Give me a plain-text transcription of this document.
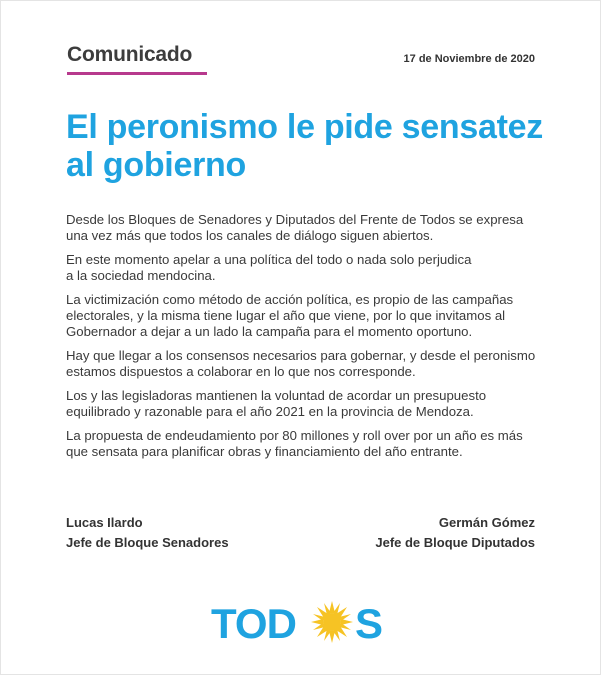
Comunicado	17 de Noviembre de 2020
El peronismo le pide sensatez al gobierno

Desde los Bloques de Senadores y Diputados del Frente de Todos se expresa una vez más que todos los canales de diálogo siguen abiertos.

En este momento apelar a una política del todo o nada solo perjudica a la sociedad mendocina.

La victimización como método de acción política, es propio de las campañas electorales, y la misma tiene lugar el año que viene, por lo que invitamos al Gobernador a dejar a un lado la campaña para el momento oportuno.

Hay que llegar a los consensos necesarios para gobernar, y desde el peronismo estamos dispuestos a colaborar en lo que nos corresponde.

Los y las legisladoras mantienen la voluntad de acordar un presupuesto equilibrado y razonable para el año 2021 en la provincia de Mendoza.

La propuesta de endeudamiento por 80 millones y roll over por un año es más que sensata para planificar obras y financiamiento del año entrante.

Lucas Ilardo
Jefe de Bloque Senadores
Germán Gómez
Jefe de Bloque Diputados
TOD S
